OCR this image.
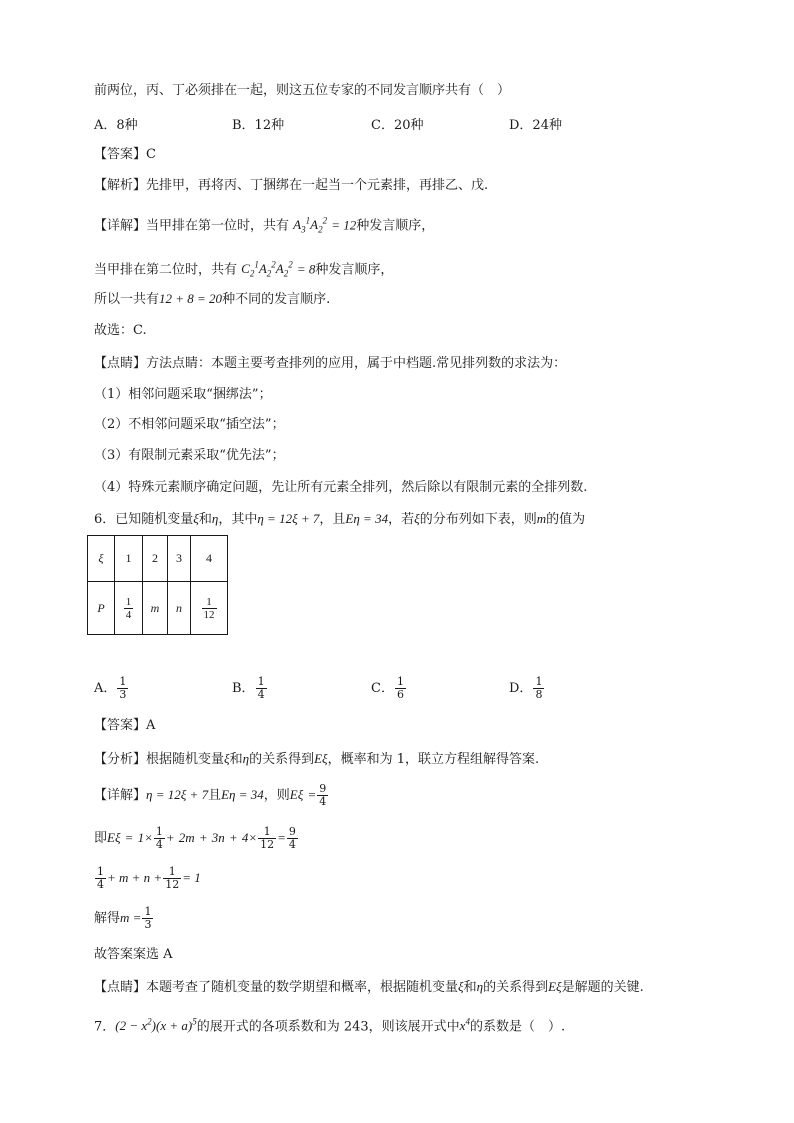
前两位，丙、丁必须排在一起，则这五位专家的不同发言顺序共有（　）
A．8种	B．12种	C．20种	D．24种
【答案】C
【解析】先排甲，再将丙、丁捆绑在一起当一个元素排，再排乙、戊.
【详解】当甲排在第一位时，共有 $A_3^1A_2^2 = 12$种发言顺序，
当甲排在第二位时，共有 $C_2^1A_2^2A_2^2 = 8$种发言顺序，
所以一共有12 + 8 = 20种不同的发言顺序.
故选：C.
【点睛】方法点睛：本题主要考查排列的应用，属于中档题.常见排列数的求法为：
（1）相邻问题采取“捆绑法”；
（2）不相邻问题采取“插空法”；
（3）有限制元素采取“优先法”；
（4）特殊元素顺序确定问题，先让所有元素全排列，然后除以有限制元素的全排列数.
6．已知随机变量ξ和η，其中η = 12ξ + 7，且Eη = 34，若ξ的分布列如下表，则m的值为
ξ	1	2	3	4
P	$\frac{1}{4}$	m	n	$\frac{1}{12}$
A． $\frac{1}{3}$	B． $\frac{1}{4}$	C． $\frac{1}{6}$	D． $\frac{1}{8}$
【答案】A
【分析】根据随机变量ξ和η的关系得到Eξ，概率和为 1，联立方程组解得答案.
【详解】η = 12ξ + 7且Eη = 34，则$E\xi = \frac{9}{4}$
即$E\xi = 1\times \frac{1}{4} + 2m + 3n + 4\times \frac{1}{12} = \frac{9}{4}$
$\frac{1}{4} + m + n + \frac{1}{12} = 1$
解得$m = \frac{1}{3}$
故答案案选 A
【点睛】本题考查了随机变量的数学期望和概率，根据随机变量ξ和η的关系得到Eξ是解题的关键.
7．$(2 - x^2)(x + a)^5$的展开式的各项系数和为 243，则该展开式中$x^4$的系数是（　）.
